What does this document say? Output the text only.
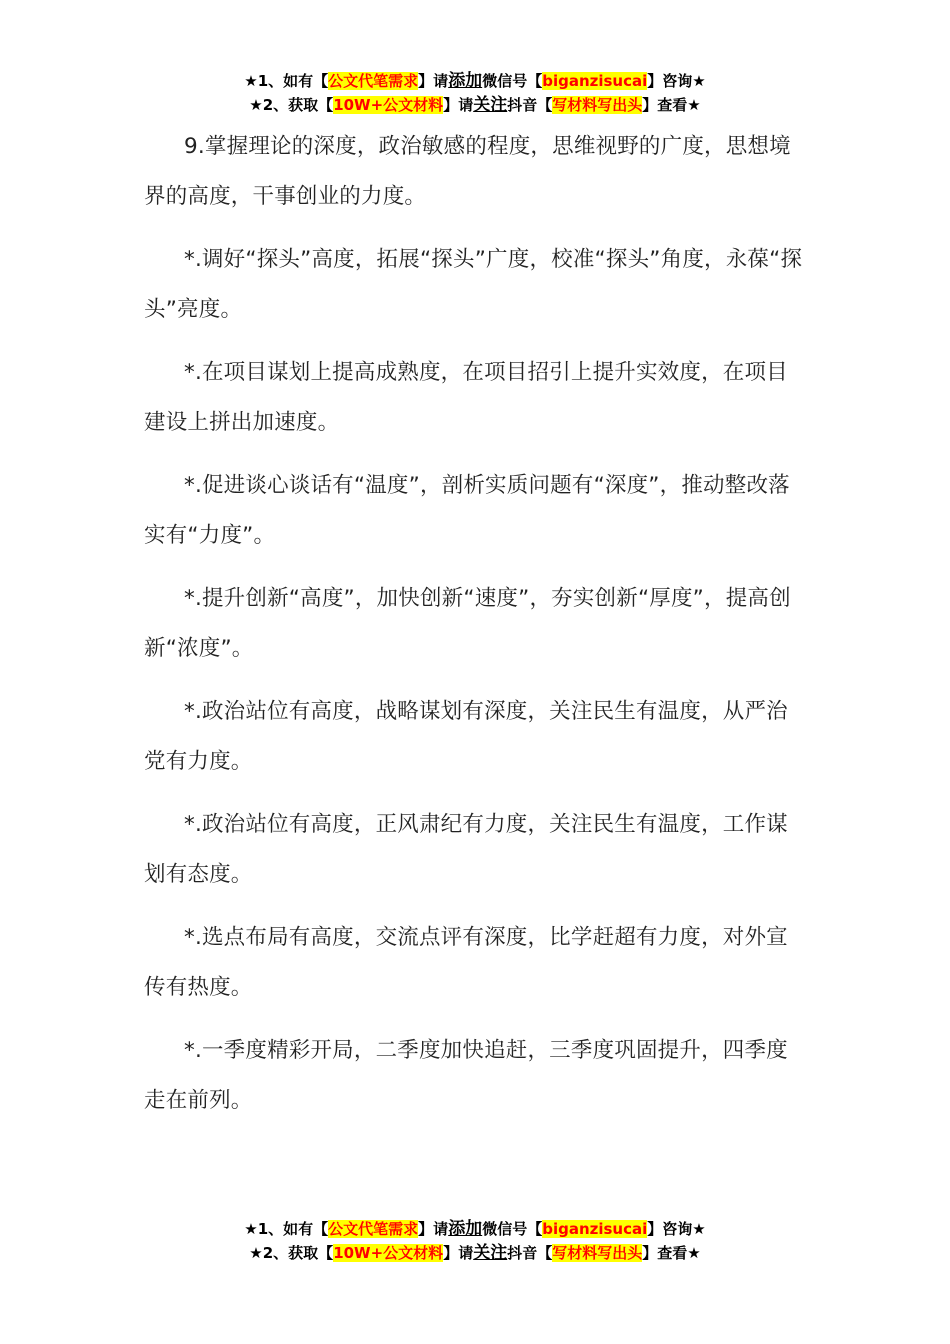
★1、如有【公文代笔需求】请添加微信号【biganzisucai】咨询★
★2、获取【10W+公文材料】请关注抖音【写材料写出头】查看★

9.掌握理论的深度，政治敏感的程度，思维视野的广度，思想境界的高度，干事创业的力度。

*.调好“探头”高度，拓展“探头”广度，校准“探头”角度，永葆“探头”亮度。

*.在项目谋划上提高成熟度，在项目招引上提升实效度，在项目建设上拼出加速度。

*.促进谈心谈话有“温度”，剖析实质问题有“深度”，推动整改落实有“力度”。

*.提升创新“高度”，加快创新“速度”，夯实创新“厚度”，提高创新“浓度”。

*.政治站位有高度，战略谋划有深度，关注民生有温度，从严治党有力度。

*.政治站位有高度，正风肃纪有力度，关注民生有温度，工作谋划有态度。

*.选点布局有高度，交流点评有深度，比学赶超有力度，对外宣传有热度。

*.一季度精彩开局，二季度加快追赶，三季度巩固提升，四季度走在前列。

★1、如有【公文代笔需求】请添加微信号【biganzisucai】咨询★
★2、获取【10W+公文材料】请关注抖音【写材料写出头】查看★
